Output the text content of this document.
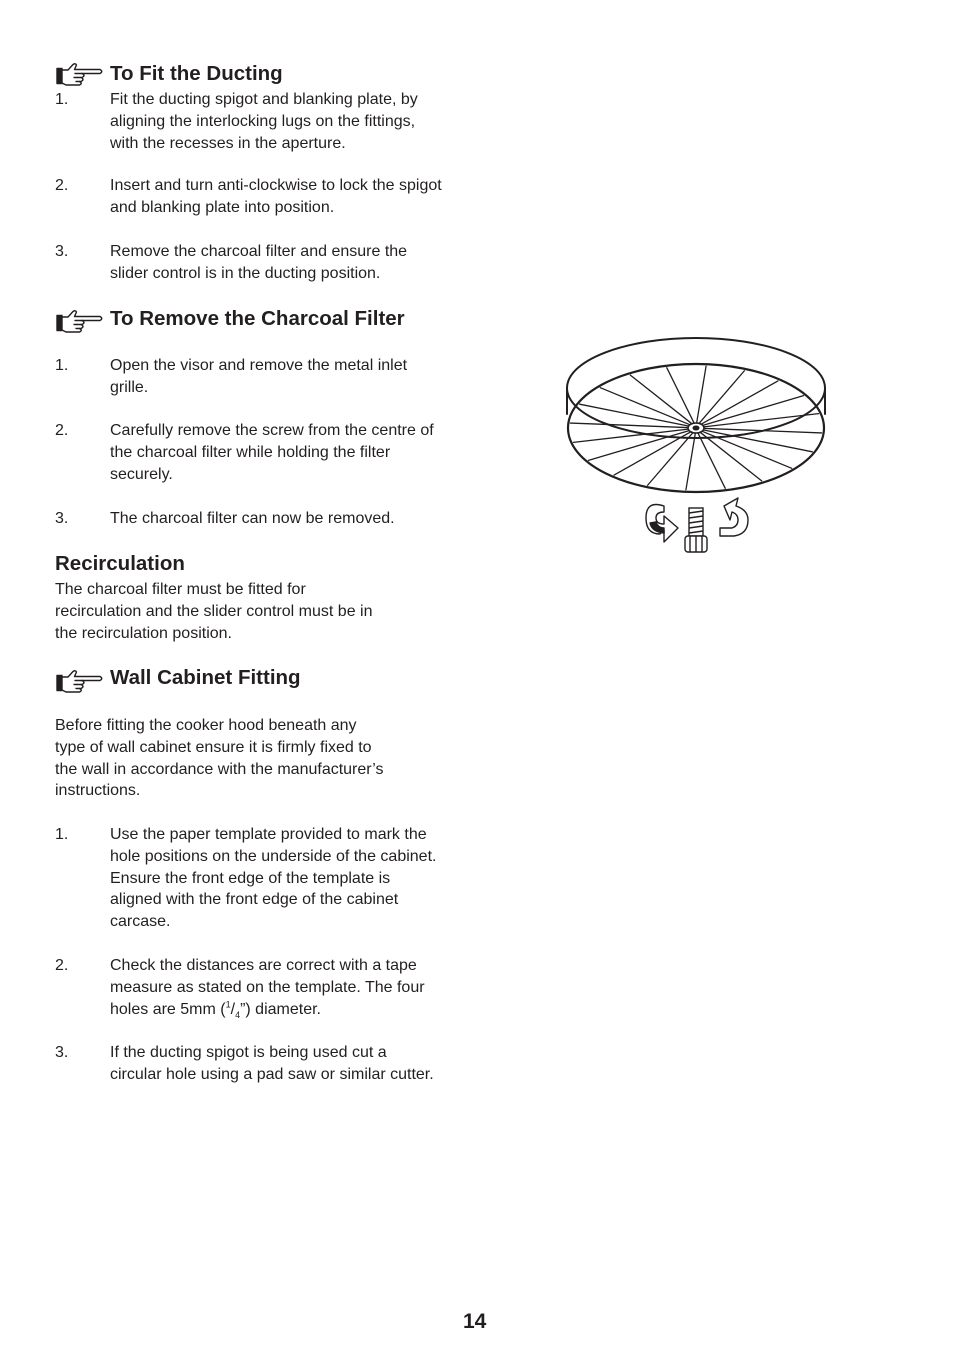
To Fit the Ducting
1.	Fit the ducting spigot and blanking plate, by
aligning the interlocking lugs on the fittings,
with the recesses in the aperture.
2.	Insert and turn anti-clockwise to lock the spigot
and blanking plate into position.
3.	Remove the charcoal filter and ensure the
slider control is in the ducting position.
To Remove the Charcoal Filter
1.	Open the visor and remove the metal inlet
grille.
2.	Carefully remove the screw from the centre of
the charcoal filter while holding the filter
securely.
3.	The charcoal filter can now be removed.
Recirculation
The charcoal filter must be fitted for
recirculation and the slider control must be in
the recirculation position.
Wall Cabinet Fitting
Before fitting the cooker hood beneath any
type of wall cabinet ensure it is firmly fixed to
the wall in accordance with the manufacturer’s
instructions.
1.	Use the paper template provided to mark the
hole positions on the underside of the cabinet.
Ensure the front edge of the template is
aligned with the front edge of the cabinet
carcase.
2.	Check the distances are correct with a tape
measure as stated on the template. The four
holes are 5mm $(^1/_4”)$ diameter.
3.	If the ducting spigot is being used cut a
circular hole using a pad saw or similar cutter.
14
